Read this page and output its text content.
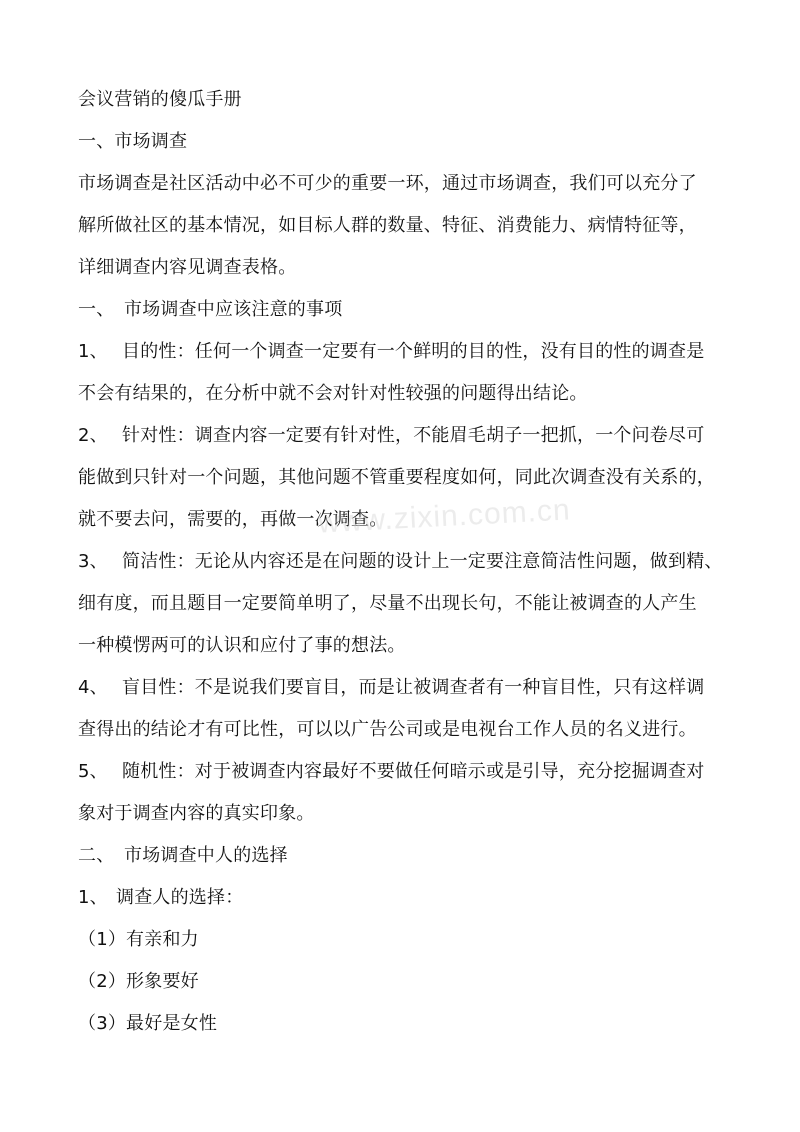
会议营销的傻瓜手册
一、市场调查
市场调查是社区活动中必不可少的重要一环，通过市场调查，我们可以充分了
解所做社区的基本情况，如目标人群的数量、特征、消费能力、病情特征等，
详细调查内容见调查表格。
一、 市场调查中应该注意的事项
1、 目的性：任何一个调查一定要有一个鲜明的目的性，没有目的性的调查是
不会有结果的，在分析中就不会对针对性较强的问题得出结论。
2、 针对性：调查内容一定要有针对性，不能眉毛胡子一把抓，一个问卷尽可
能做到只针对一个问题，其他问题不管重要程度如何，同此次调查没有关系的，
就不要去问，需要的，再做一次调查。
3、 简洁性：无论从内容还是在问题的设计上一定要注意简洁性问题，做到精、
细有度，而且题目一定要简单明了，尽量不出现长句，不能让被调查的人产生
一种模愣两可的认识和应付了事的想法。
4、 盲目性：不是说我们要盲目，而是让被调查者有一种盲目性，只有这样调
查得出的结论才有可比性，可以以广告公司或是电视台工作人员的名义进行。
5、 随机性：对于被调查内容最好不要做任何暗示或是引导，充分挖掘调查对
象对于调查内容的真实印象。
二、 市场调查中人的选择
1、 调查人的选择：
（1）有亲和力
（2）形象要好
（3）最好是女性
www.zixin.com.cn
